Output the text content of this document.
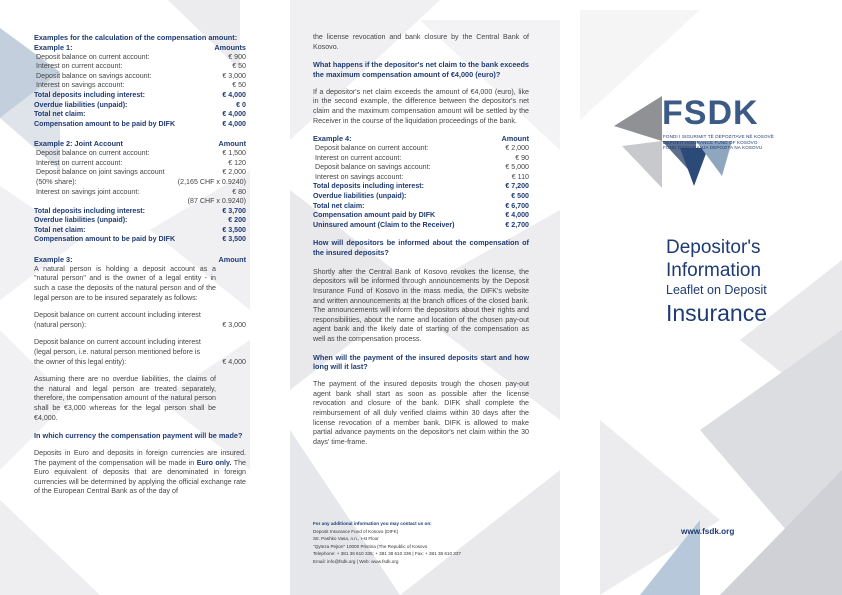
Examples for the calculation of the compensation amount:
Example 1:	Amounts
Deposit balance on current account:	€ 900
Interest on current account:	€ 50
Deposit balance on savings account:	€ 3,000
Interest on savings account:	€ 50
Total deposits including interest:	€ 4,000
Overdue liabilities (unpaid):	€ 0
Total net claim:	€ 4,000
Compensation amount to be paid by DIFK	€ 4,000
Example 2: Joint Account	Amount
Deposit balance on current account:	€ 1,500
Interest on current account:	€ 120
Deposit balance on joint savings account	€ 2,000
(50% share):	(2,165 CHF x 0.9240)
Interest on savings joint account:	€ 80
(87 CHF x 0.9240)
Total deposits including interest:	€ 3,700
Overdue liabilities (unpaid):	€ 200
Total net claim:	€ 3,500
Compensation amount to be paid by DIFK	€ 3,500
Example 3:	Amount
A natural person is holding a deposit account as a "natural person" and is the owner of a legal entity - in such a case the deposits of the natural person and of the legal person are to be insured separately as follows:
Deposit balance on current account including interest (natural person):	€ 3,000
Deposit balance on current account including interest (legal person, i.e. natural person mentioned before is the owner of this legal entity):	€ 4,000
Assuming there are no overdue liabilities, the claims of the natural and legal person are treated separately, therefore, the compensation amount of the natural person shall be €3,000 whereas for the legal person shall be €4,000.
In which currency the compensation payment will be made?
Deposits in Euro and deposits in foreign currencies are insured. The payment of the compensation will be made in Euro only. The Euro equivalent of deposits that are denominated in foreign currencies will be determined by applying the official exchange rate of the European Central Bank as of the day of
the license revocation and bank closure by the Central Bank of Kosovo.
What happens if the depositor's net claim to the bank exceeds the maximum compensation amount of €4,000 (euro)?
If a depositor's net claim exceeds the amount of €4,000 (euro), like in the second example, the difference between the depositor's net claim and the maximum compensation amount will be settled by the Receiver in the course of the liquidation proceedings of the bank.
Example 4:	Amount
Deposit balance on current account:	€ 2,000
Interest on current account:	€ 90
Deposit balance on savings account:	€ 5,000
Interest on savings account:	€ 110
Total deposits including interest:	€ 7,200
Overdue liabilities (unpaid):	€ 500
Total net claim:	€ 6,700
Compensation amount paid by DIFK	€ 4,000
Uninsured amount (Claim to the Receiver)	€ 2,700
How will depositors be informed about the compensation of the insured deposits?
Shortly after the Central Bank of Kosovo revokes the license, the depositors will be informed through announcements by the Deposit Insurance Fund of Kosovo in the mass media, the DIFK's website and written announcements at the branch offices of the closed bank. The announcements will inform the depositors about their rights and responsibilities, about the name and location of the chosen pay-out agent bank and the likely date of starting of the compensation as well as the compensation process.
When will the payment of the insured deposits start and how long will it last?
The payment of the insured deposits trough the chosen pay-out agent bank shall start as soon as possible after the license revocation and closure of the bank. DIFK shall complete the reimbursement of all duly verified claims within 30 days after the license revocation of a member bank. DIFK is allowed to make partial advance payments on the depositor's net claim within the 30 days' time-frame.
For any additional information you may contact us on:
Deposit Insurance Fund of Kosovo (DIFK)
Str. Pashko Vasa, n.n., I-st Floor
"Qyteza Pejton" 10000 Pristina (The Republic of Kosovo
Telephone: + 381 38 610 335; + 381 38 610 336 | Fax: + 381 38 610 337
Email: info@fsdk.org | Web: www.fsdk.org
FSDK
FONDI I SIGURIMIT TË DEPOZITAVE NË KOSOVË
DEPOSIT INSURANCE FUND OF KOSOVO
FOND OSIGURANJA DEPOZITA NA KOSOVU
Depositor's
Information
Leaflet on Deposit
Insurance
www.fsdk.org
